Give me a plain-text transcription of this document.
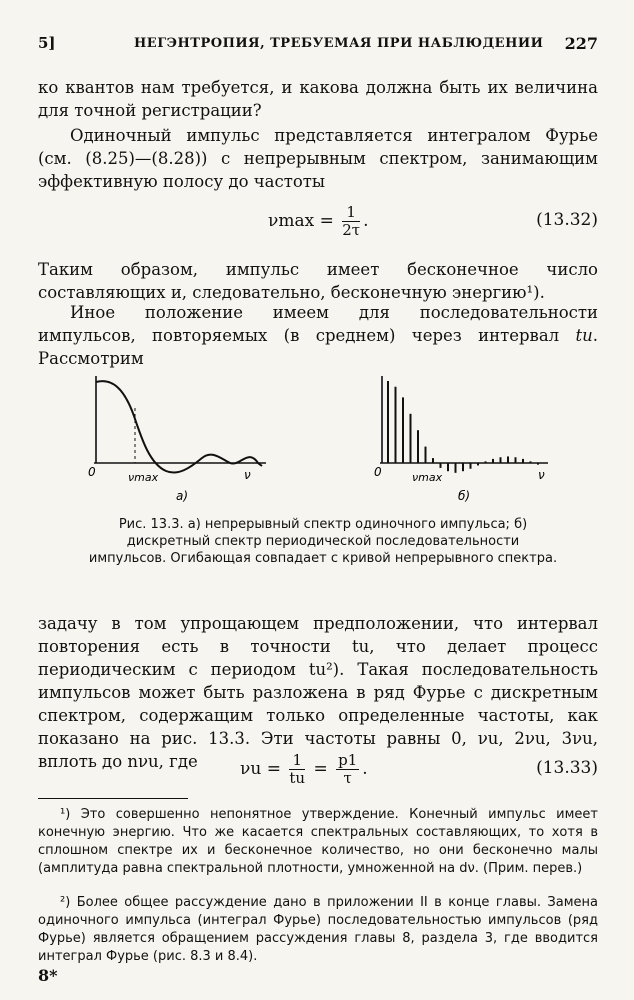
5]	НЕГЭНТРОПИЯ, ТРЕБУЕМАЯ ПРИ НАБЛЮДЕНИИ 227
ко квантов нам требуется, и какова должна быть их величина для точной регистрации?
Одиночный импульс представляется интегралом Фурье (см. (8.25)—(8.28)) с непрерывным спектром, занимающим эффективную полосу до частоты
$\nu\max = \frac{1}{2\tau}$ .	(13.32)
Таким образом, импульс имеет бесконечное число составляющих и, следовательно, бесконечную энергию¹).
Иное положение имеем для последовательности импульсов, повторяемых (в среднем) через интервал tu. Рассмотрим
0	νmax	ν
а)
0	νmax	ν
б)
Рис. 13.3. а) непрерывный спектр одиночного импульса; б) дискретный спектр периодической последовательности импульсов. Огибающая совпадает с кривой непрерывного спектра.
задачу в том упрощающем предположении, что интервал повторения есть в точности tu, что делает процесс периодическим с периодом tu²). Такая последовательность импульсов может быть разложена в ряд Фурье с дискретным спектром, содержащим только определенные частоты, как показано на рис. 13.3. Эти частоты равны 0, νu, 2νu, 3νu, вплоть до nνu, где	$\nu u = \frac{1}{tu} = \frac{p1}{\tau}$ .	(13.33)
¹) Это совершенно непонятное утверждение. Конечный импульс имеет конечную энергию. Что же касается спектральных составляющих, то хотя в сплошном спектре их и бесконечное количество, но они бесконечно малы (амплитуда равна спектральной плотности, умноженной на dν. (Прим. перев.)
²) Более общее рассуждение дано в приложении II в конце главы. Замена одиночного импульса (интеграл Фурье) последовательностью импульсов (ряд Фурье) является обращением рассуждения главы 8, раздела 3, где вводится интеграл Фурье (рис. 8.3 и 8.4).
8*
